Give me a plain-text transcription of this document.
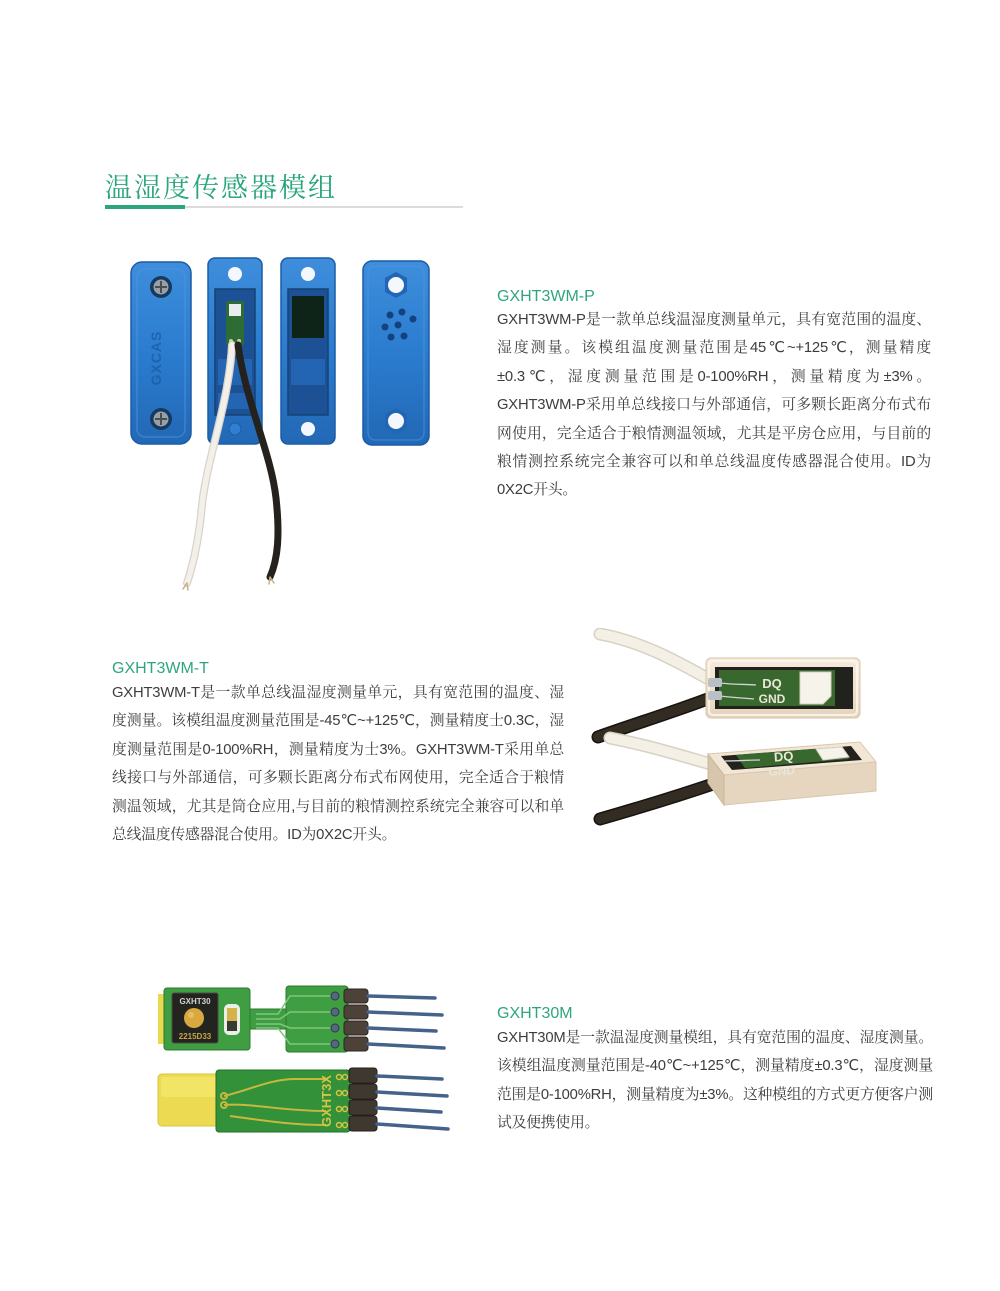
温湿度传感器模组
GXCAS
GXHT3WM-P

GXHT3WM-P是一款单总线温湿度测量单元，具有宽范围的温度、湿度测量。该模组温度测量范围是45℃~+125℃，测量精度±0.3℃，湿度测量范围是0-100%RH，测量精度为±3%。GXHT3WM-P采用单总线接口与外部通信，可多颗长距离分布式布网使用，完全适合于粮情测温领域，尤其是平房仓应用，与目前的粮情测控系统完全兼容可以和单总线温度传感器混合使用。ID为0X2C开头。

GXHT3WM-T

GXHT3WM-T是一款单总线温湿度测量单元，具有宽范围的温度、湿度测量。该模组温度测量范围是-45℃~+125℃，测量精度士0.3C，湿度测量范围是0-100%RH，测量精度为士3%。GXHT3WM-T采用单总线接口与外部通信，可多颗长距离分布式布网使用，完全适合于粮情测温领域，尤其是筒仓应用,与目前的粮情测控系统完全兼容可以和单总线温度传感器混合使用。ID为0X2C开头。

DQ
GND
DQ
GND
GXHT30
2215D33
GXHT3X
GXHT30M

GXHT30M是一款温湿度测量模组，具有宽范围的温度、湿度测量。该模组温度测量范围是-40℃~+125℃，测量精度±0.3℃，湿度测量范围是0-100%RH，测量精度为±3%。这种模组的方式更方便客户测试及便携使用。
